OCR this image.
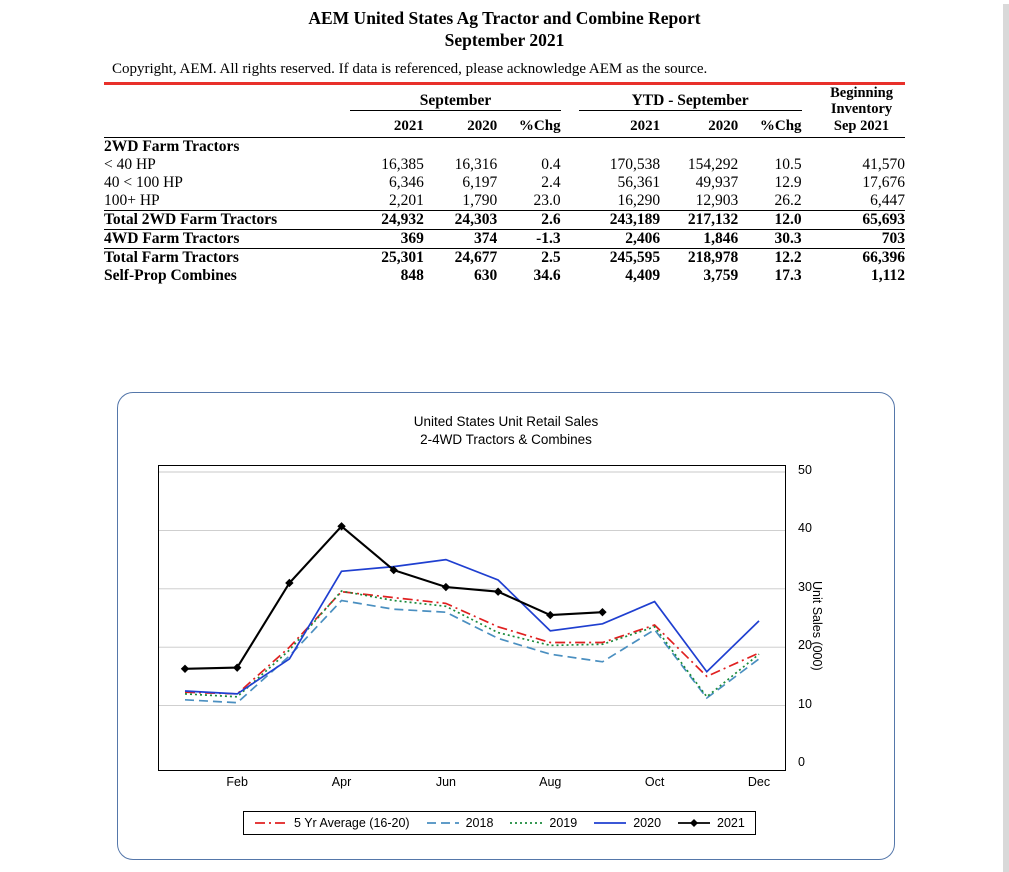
AEM United States Ag Tractor and Combine Report
September 2021
Copyright, AEM. All rights reserved. If data is referenced, please acknowledge AEM as the source.
	September				YTD - September				Beginning
Inventory
Sep 2021
	2021	2020	%Chg		2021	2020	%Chg		

2WD Farm Tractors									
< 40 HP	16,385	16,316	0.4		170,538	154,292	10.5		41,570
40 < 100 HP	6,346	6,197	2.4		56,361	49,937	12.9		17,676
100+ HP	2,201	1,790	23.0		16,290	12,903	26.2		6,447
Total 2WD Farm Tractors	24,932	24,303	2.6		243,189	217,132	12.0		65,693
4WD Farm Tractors	369	374	-1.3		2,406	1,846	30.3		703
Total Farm Tractors	25,301	24,677	2.5		245,595	218,978	12.2		66,396
Self-Prop Combines	848	630	34.6		4,409	3,759	17.3		1,112
United States Unit Retail Sales
2-4WD Tractors & Combines
0
10
20
30
40
50
Unit Sales (000)
Feb	Apr	Jun	Aug	Oct	Dec
5 Yr Average (16-20)	2018	2019	2020	2021
